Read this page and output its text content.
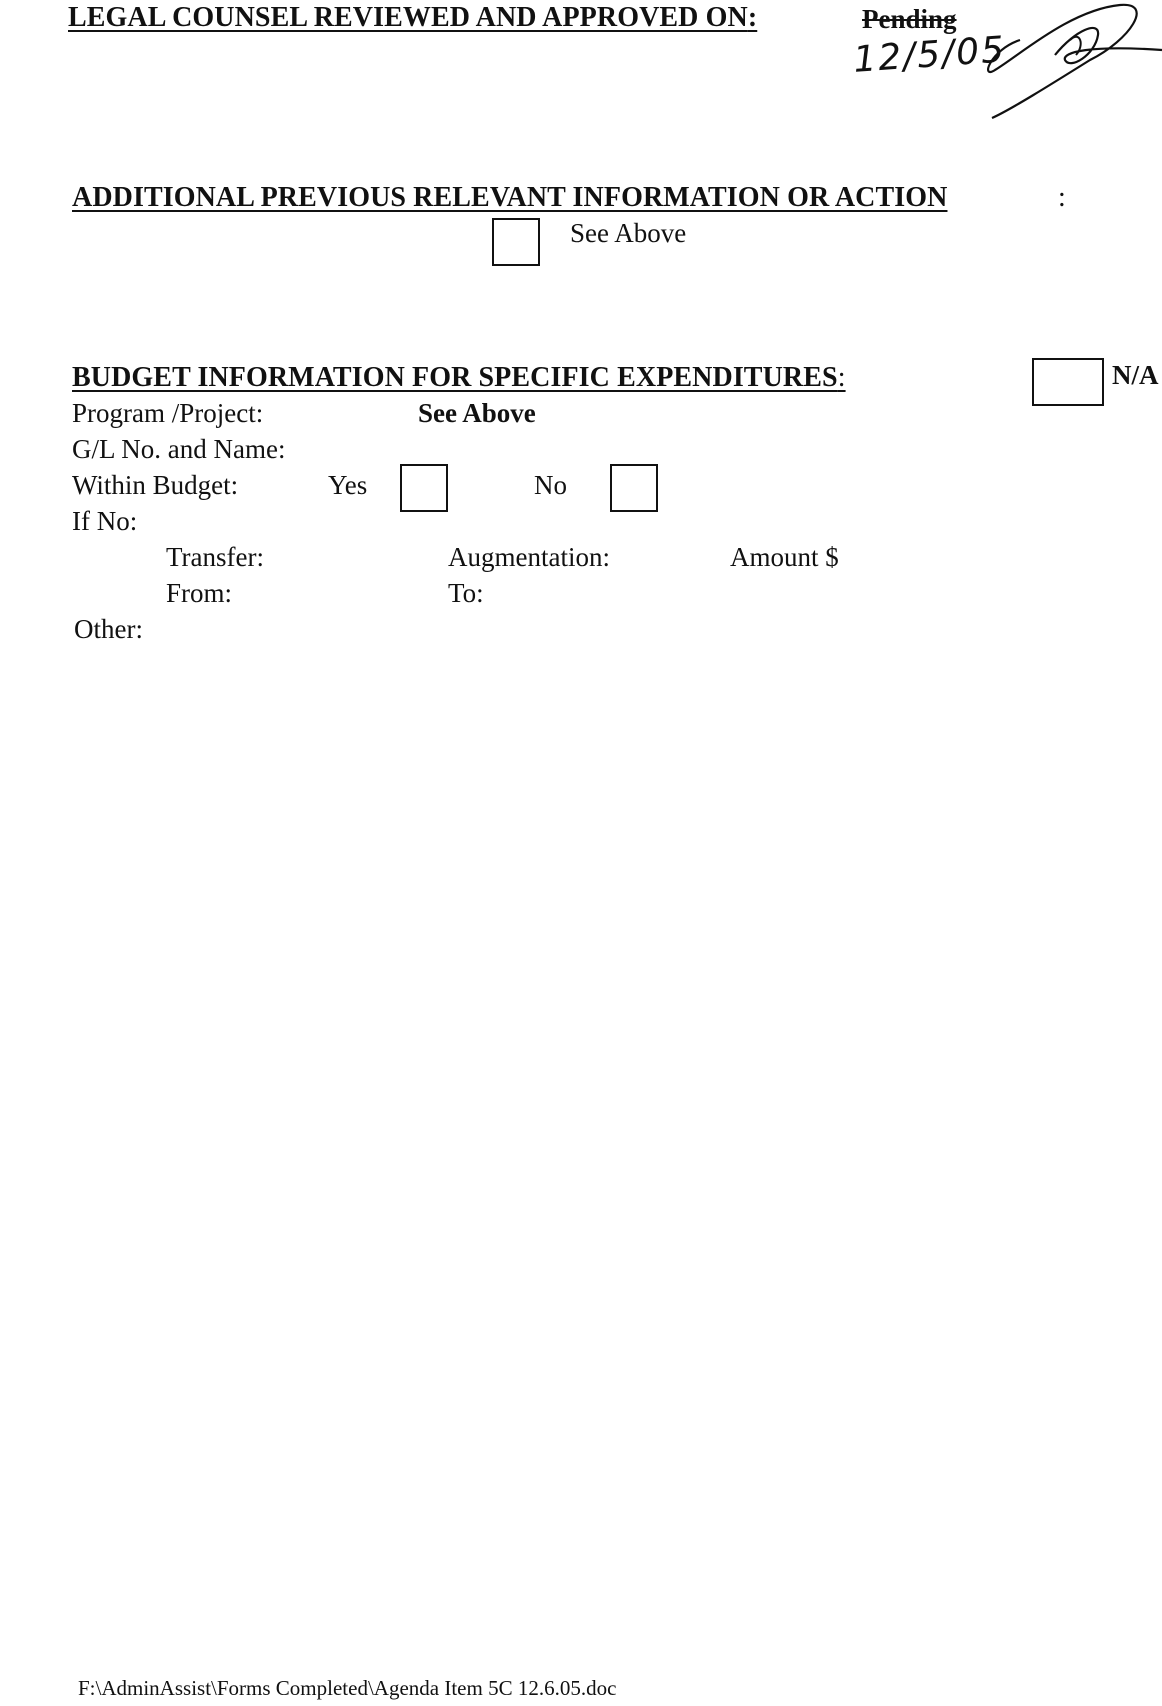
LEGAL COUNSEL REVIEWED AND APPROVED ON:	Pending
12/5/05
ADDITIONAL PREVIOUS RELEVANT INFORMATION OR ACTION	:
See Above
BUDGET INFORMATION FOR SPECIFIC EXPENDITURES:	N/A
Program /Project:	See Above
G/L No. and Name:
Within Budget:	Yes	No
If No:
Transfer:	Augmentation:	Amount $
From:	To:
Other:
F:\AdminAssist\Forms Completed\Agenda Item 5C 12.6.05.doc
